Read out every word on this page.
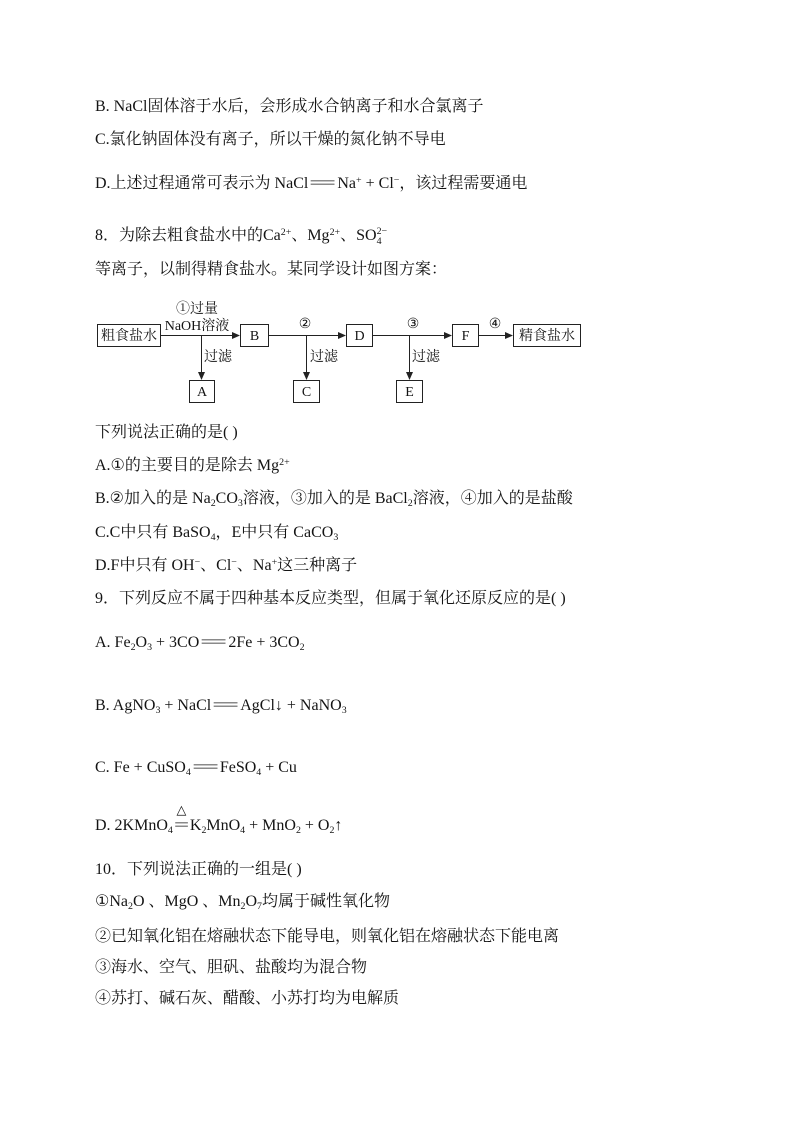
B. NaCl固体溶于水后，会形成水合钠离子和水合氯离子
C.氯化钠固体没有离子，所以干燥的氮化钠不导电
D.上述过程通常可表示为 NaCl=Na+ + Cl−，该过程需要通电
8．为除去粗食盐水中的$Ca^{2+}$、$Mg^{2+}$、SO4
2−
等离子，以制得精食盐水。某同学设计如图方案：
粗食盐水
①过量
NaOH溶液
B
②
D
③
F
④
精食盐水
过滤
A
过滤
C
过滤
E
下列说法正确的是( )
A.①的主要目的是除去 $Mg^{2+}$
B.②加入的是 $Na_2CO_3$溶液，③加入的是 BaCl$_2$溶液，④加入的是盐酸
C.C中只有 BaSO$_4$，E中只有 CaCO$_3$
D.F中只有 OH−、Cl−、Na+这三种离子
9．下列反应不属于四种基本反应类型，但属于氧化还原反应的是( )
A. $Fe_2O_3 + 3CO=2Fe + 3CO_2$
B. AgNO$_3$ + NaCl=AgCl↓ + NaNO$_3$
C. Fe + CuSO$_4$=FeSO$_4$ + Cu
D. 2KMnO$_4$=
△
$K_2MnO_4 + MnO_2$ + $O_2↑$
10．下列说法正确的一组是( )
$①Na_2O$ 、MgO 、$Mn_2O_7$均属于碱性氧化物
②已知氧化铝在熔融状态下能导电，则氧化铝在熔融状态下能电离
③海水、空气、胆矾、盐酸均为混合物
④苏打、碱石灰、醋酸、小苏打均为电解质
